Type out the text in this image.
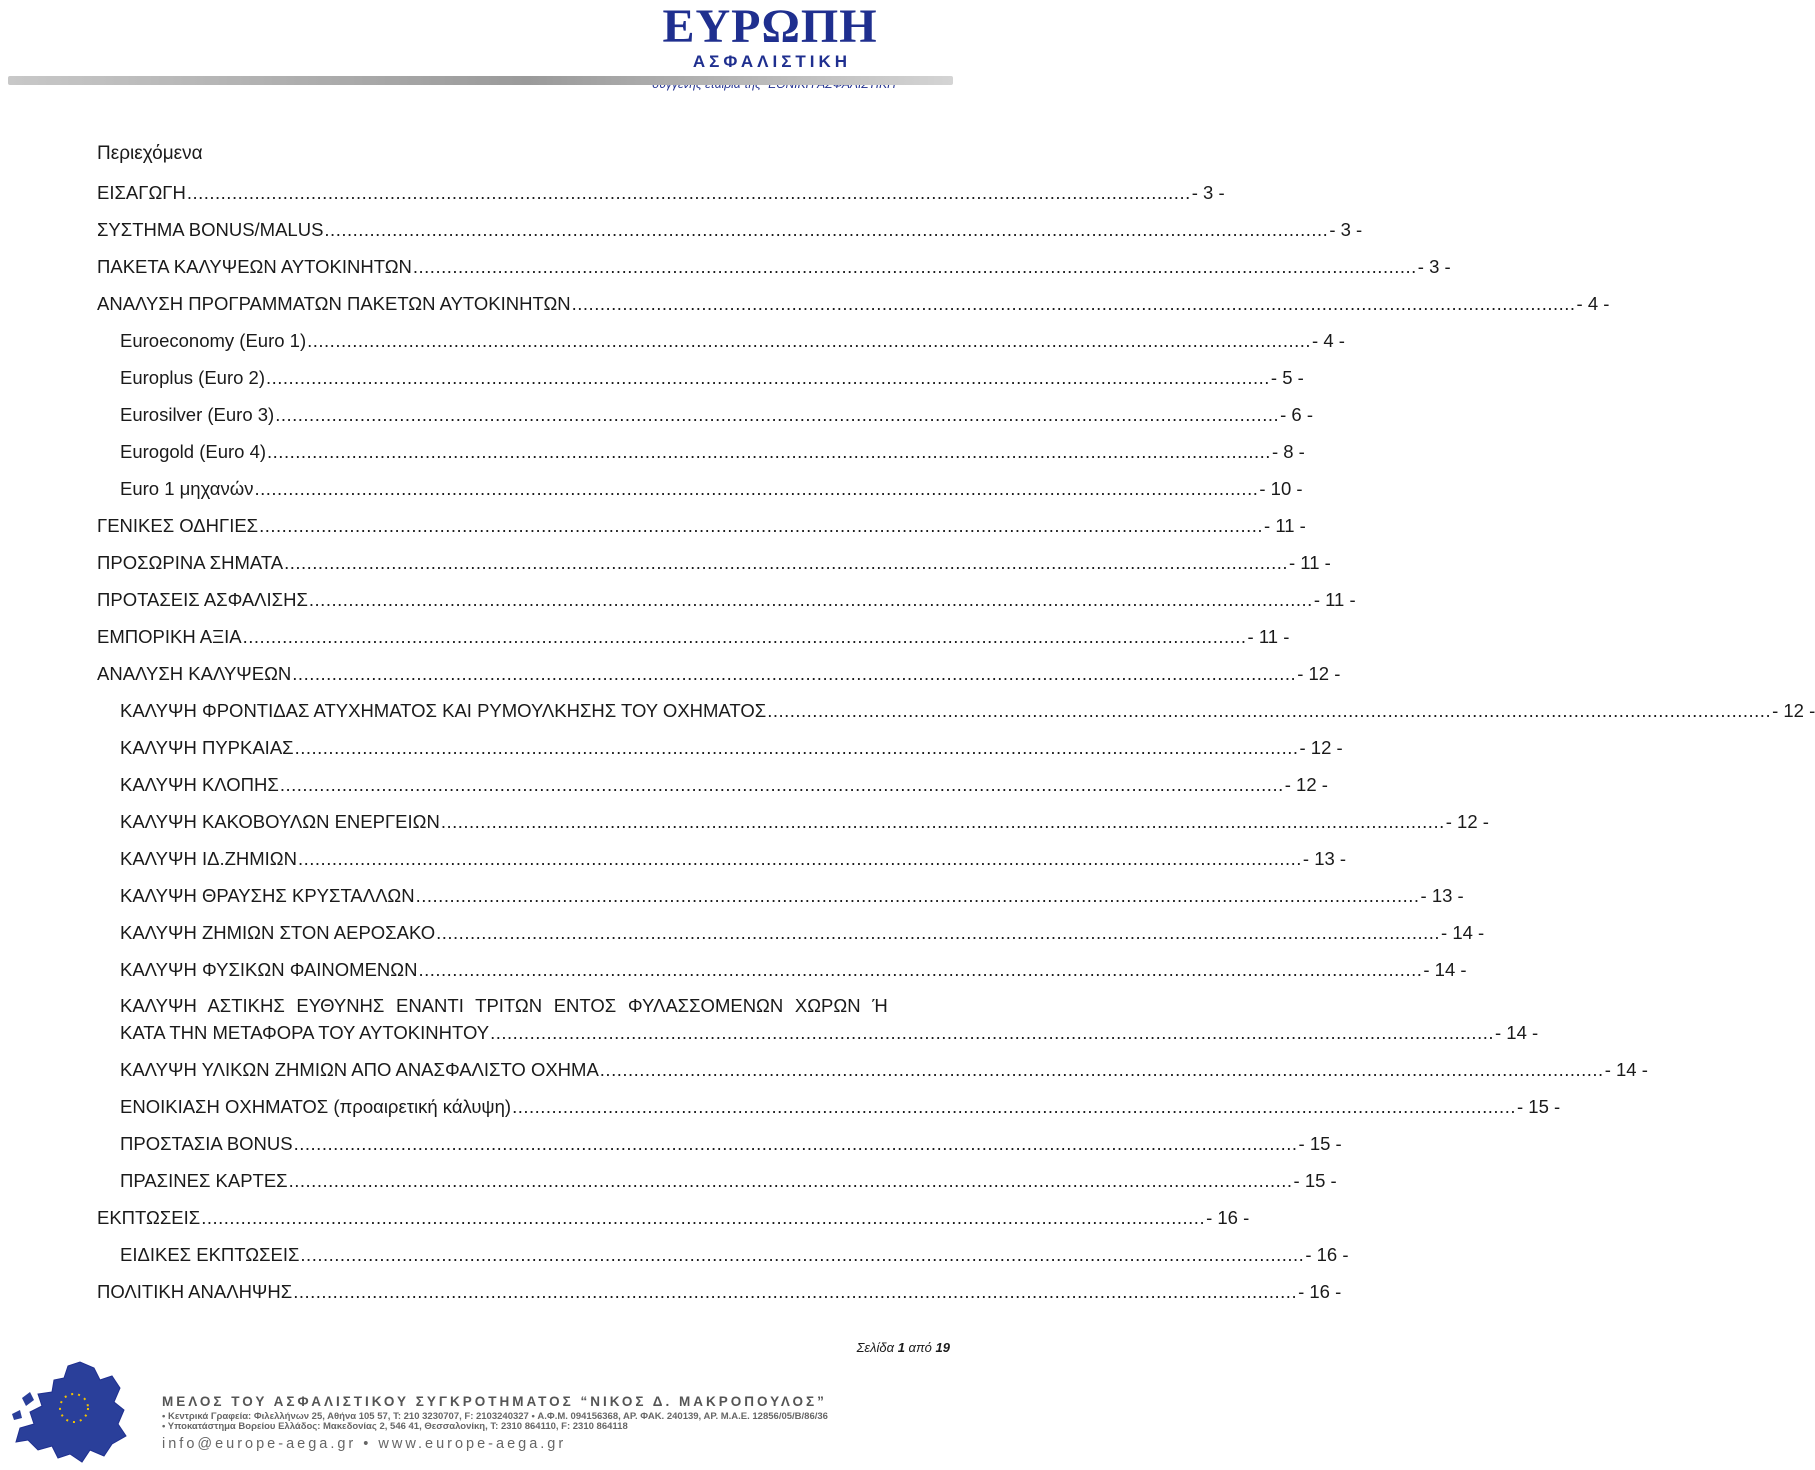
ΕΥΡΩΠΗ
ΑΣΦΑΛΙΣΤΙΚΗ
Περιεχόμενα
ΕΙΣΑΓΩΓΗ .................................................................................................................................................................................. - 3 -
ΣΥΣΤΗΜΑ BONUS/MALUS .................................................................................................................................................................................. - 3 -
ΠΑΚΕΤΑ ΚΑΛΥΨΕΩΝ ΑΥΤΟΚΙΝΗΤΩΝ .................................................................................................................................................................................. - 3 -
ΑΝΑΛΥΣΗ ΠΡΟΓΡΑΜΜΑΤΩΝ ΠΑΚΕΤΩΝ ΑΥΤΟΚΙΝΗΤΩΝ .................................................................................................................................................................................. - 4 -
Euroeconomy (Euro 1) .................................................................................................................................................................................. - 4 -
Europlus (Euro 2) .................................................................................................................................................................................. - 5 -
Eurosilver (Euro 3) .................................................................................................................................................................................. - 6 -
Eurogold (Euro 4) .................................................................................................................................................................................. - 8 -
Euro 1 μηχανών .................................................................................................................................................................................. - 10 -
ΓΕΝΙΚΕΣ ΟΔΗΓΙΕΣ .................................................................................................................................................................................. - 11 -
ΠΡΟΣΩΡΙΝΑ ΣΗΜΑΤΑ .................................................................................................................................................................................. - 11 -
ΠΡΟΤΑΣΕΙΣ ΑΣΦΑΛΙΣΗΣ .................................................................................................................................................................................. - 11 -
ΕΜΠΟΡΙΚΗ ΑΞΙΑ .................................................................................................................................................................................. - 11 -
ΑΝΑΛΥΣΗ ΚΑΛΥΨΕΩΝ .................................................................................................................................................................................. - 12 -
ΚΑΛΥΨΗ ΦΡΟΝΤΙΔΑΣ ΑΤΥΧΗΜΑΤΟΣ ΚΑΙ ΡΥΜΟΥΛΚΗΣΗΣ ΤΟΥ ΟΧΗΜΑΤΟΣ .................................................................................................................................................................................. - 12 -
ΚΑΛΥΨΗ ΠΥΡΚΑΙΑΣ .................................................................................................................................................................................. - 12 -
ΚΑΛΥΨΗ ΚΛΟΠΗΣ .................................................................................................................................................................................. - 12 -
ΚΑΛΥΨΗ ΚΑΚΟΒΟΥΛΩΝ ΕΝΕΡΓΕΙΩΝ .................................................................................................................................................................................. - 12 -
ΚΑΛΥΨΗ ΙΔ.ΖΗΜΙΩΝ .................................................................................................................................................................................. - 13 -
ΚΑΛΥΨΗ ΘΡΑΥΣΗΣ ΚΡΥΣΤΑΛΛΩΝ .................................................................................................................................................................................. - 13 -
ΚΑΛΥΨΗ ΖΗΜΙΩΝ ΣΤΟΝ ΑΕΡΟΣΑΚΟ .................................................................................................................................................................................. - 14 -
ΚΑΛΥΨΗ ΦΥΣΙΚΩΝ ΦΑΙΝΟΜΕΝΩΝ .................................................................................................................................................................................. - 14 -
ΚΑΛΥΨΗ ΑΣΤΙΚΗΣ ΕΥΘΥΝΗΣ ΕΝΑΝΤΙ ΤΡΙΤΩΝ ΕΝΤΟΣ ΦΥΛΑΣΣΟΜΕΝΩΝ ΧΩΡΩΝ Ή
ΚΑΤΑ ΤΗΝ ΜΕΤΑΦΟΡΑ ΤΟΥ ΑΥΤΟΚΙΝΗΤΟΥ .................................................................................................................................................................................. - 14 -
ΚΑΛΥΨΗ ΥΛΙΚΩΝ ΖΗΜΙΩΝ ΑΠΟ ΑΝΑΣΦΑΛΙΣΤΟ ΟΧΗΜΑ .................................................................................................................................................................................. - 14 -
ΕΝΟΙΚΙΑΣΗ ΟΧΗΜΑΤΟΣ (προαιρετική κάλυψη) .................................................................................................................................................................................. - 15 -
ΠΡΟΣΤΑΣΙΑ BONUS .................................................................................................................................................................................. - 15 -
ΠΡΑΣΙΝΕΣ ΚΑΡΤΕΣ .................................................................................................................................................................................. - 15 -
ΕΚΠΤΩΣΕΙΣ .................................................................................................................................................................................. - 16 -
ΕΙΔΙΚΕΣ ΕΚΠΤΩΣΕΙΣ .................................................................................................................................................................................. - 16 -
ΠΟΛΙΤΙΚΗ ΑΝΑΛΗΨΗΣ .................................................................................................................................................................................. - 16 -
Σελίδα 1 από 19
ΜΕΛΟΣ ΤΟΥ ΑΣΦΑΛΙΣΤΙΚΟΥ ΣΥΓΚΡΟΤΗΜΑΤΟΣ “ΝΙΚΟΣ Δ. ΜΑΚΡΟΠΟΥΛΟΣ”
• Κεντρικά Γραφεία: Φιλελλήνων 25, Αθήνα 105 57, Τ: 210 3230707, F: 2103240327 • Α.Φ.Μ. 094156368, ΑΡ. ΦΑΚ. 240139, ΑΡ. Μ.Α.Ε. 12856/05/Β/86/36
• Υποκατάστημα Βορείου Ελλάδος: Μακεδονίας 2, 546 41, Θεσσαλονίκη, Τ: 2310 864110, F: 2310 864118
info@europe-aega.gr • www.europe-aega.gr
